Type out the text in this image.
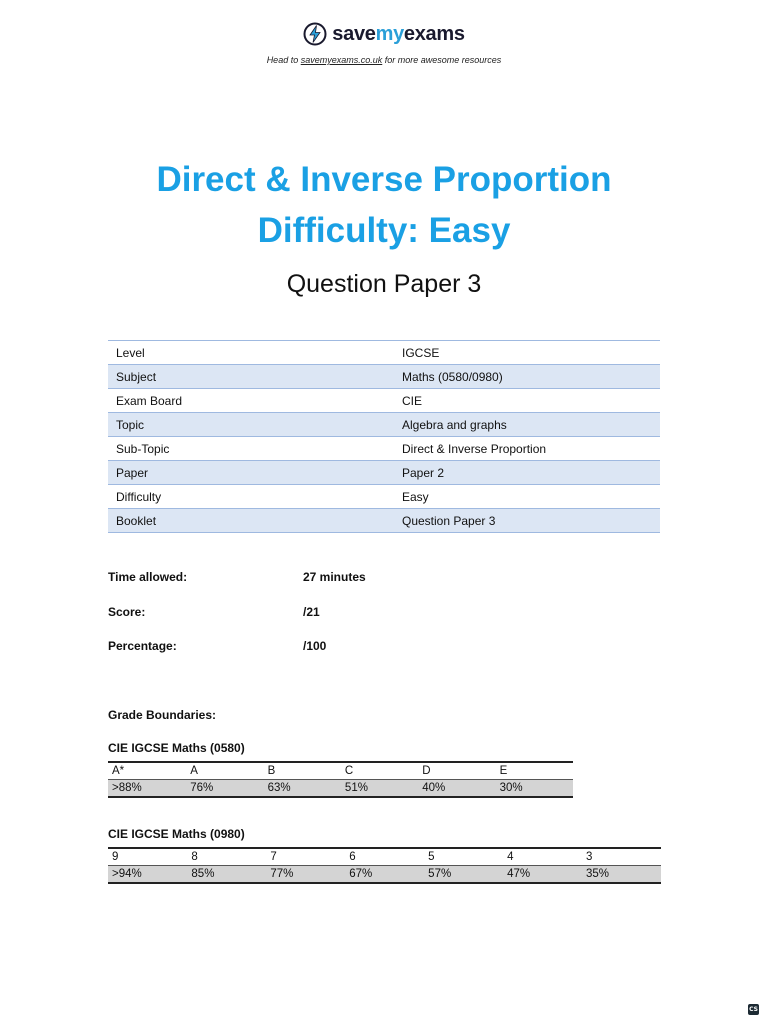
savemyexams
Head to savemyexams.co.uk for more awesome resources
Direct & Inverse Proportion
Difficulty: Easy
Question Paper 3
Level	IGCSE
Subject	Maths (0580/0980)
Exam Board	CIE
Topic	Algebra and graphs
Sub-Topic	Direct & Inverse Proportion
Paper	Paper 2
Difficulty	Easy
Booklet	Question Paper 3
Time allowed:	27 minutes
Score:	/21
Percentage:	/100
Grade Boundaries:
CIE IGCSE Maths (0580)
A*	A	B	C	D	E
>88%	76%	63%	51%	40%	30%
CIE IGCSE Maths (0980)
9	8	7	6	5	4	3
>94%	85%	77%	67%	57%	47%	35%
CS
